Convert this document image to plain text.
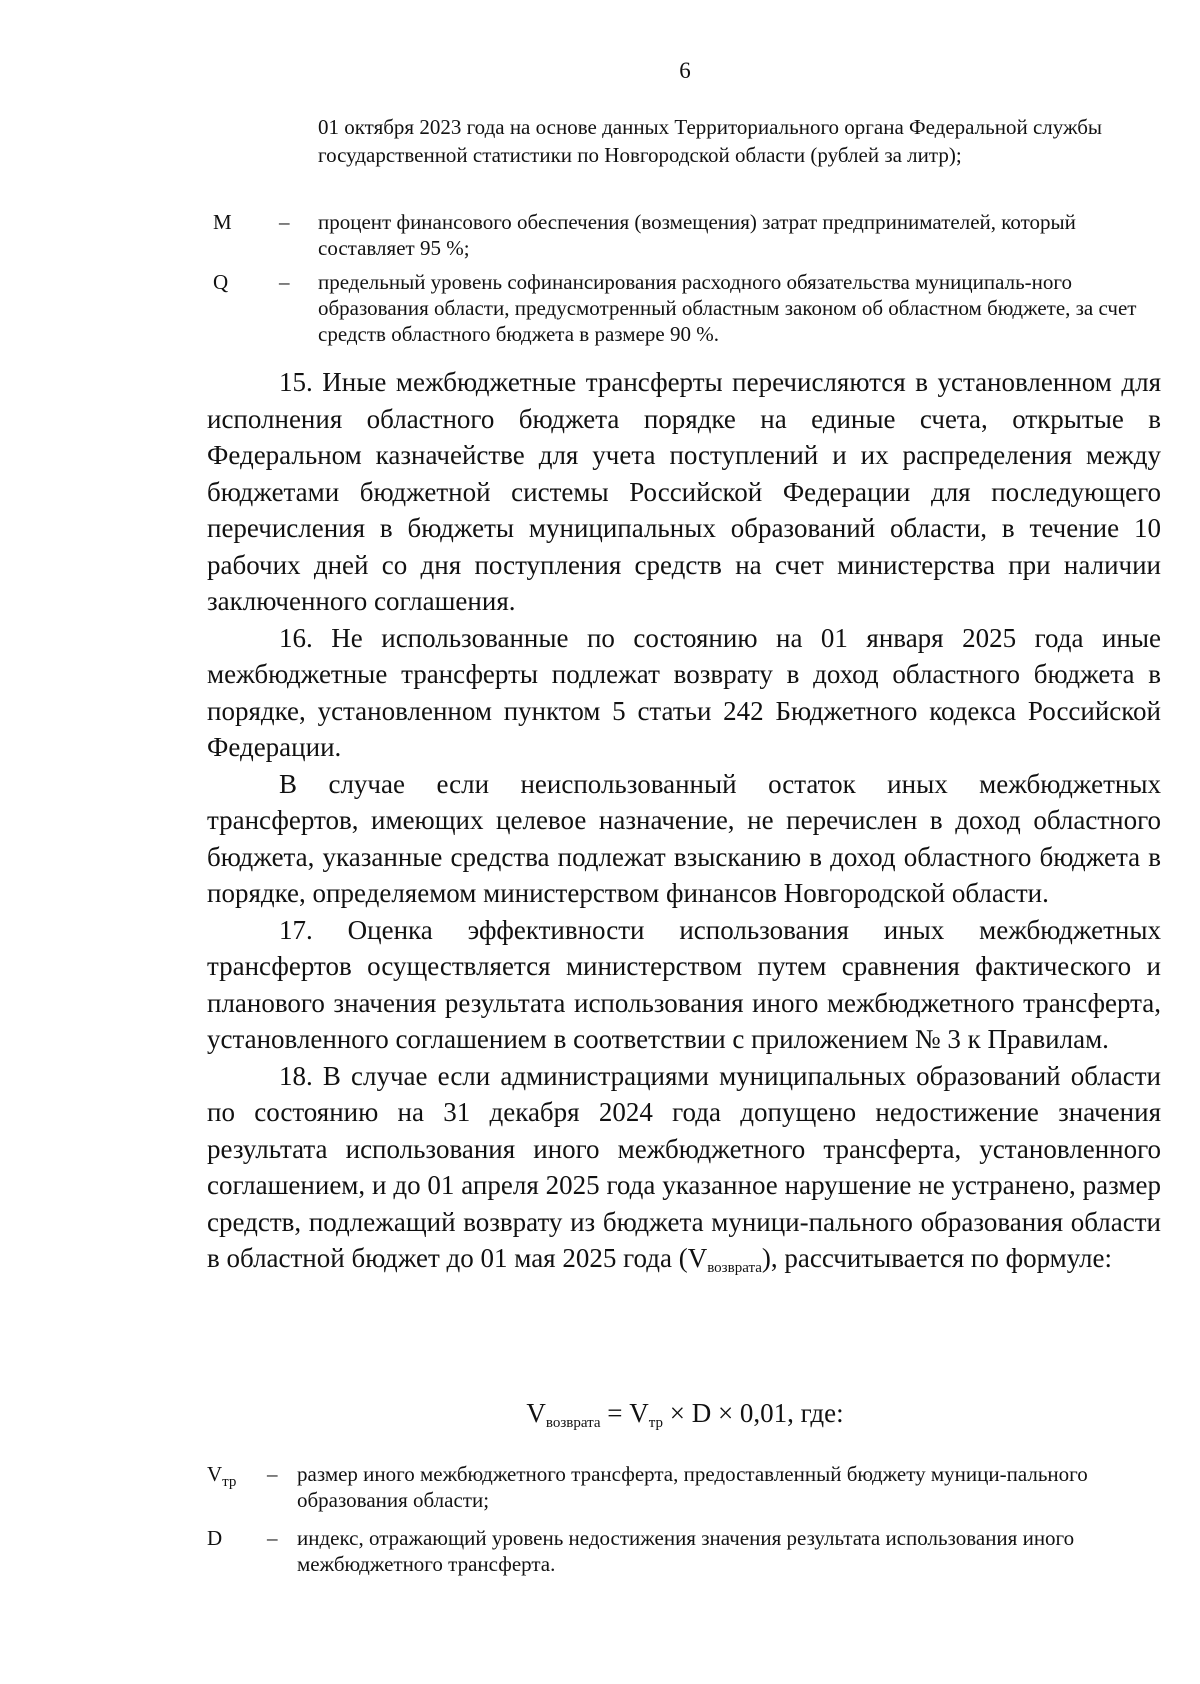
6
01 октября 2023 года на основе данных Территориального органа Федеральной службы государственной статистики по Новгородской области (рублей за литр);
M – процент финансового обеспечения (возмещения) затрат предпринимателей, который составляет 95 %;
Q – предельный уровень софинансирования расходного обязательства муниципаль-ного образования области, предусмотренный областным законом об областном бюджете, за счет средств областного бюджета в размере 90 %.

15. Иные межбюджетные трансферты перечисляются в установленном для исполнения областного бюджета порядке на единые счета, открытые в Федеральном казначействе для учета поступлений и их распределения между бюджетами бюджетной системы Российской Федерации для последующего перечисления в бюджеты муниципальных образований области, в течение 10 рабочих дней со дня поступления средств на счет министерства при наличии заключенного соглашения.

16. Не использованные по состоянию на 01 января 2025 года иные межбюджетные трансферты подлежат возврату в доход областного бюджета в порядке, установленном пунктом 5 статьи 242 Бюджетного кодекса Российской Федерации.

В случае если неиспользованный остаток иных межбюджетных трансфертов, имеющих целевое назначение, не перечислен в доход областного бюджета, указанные средства подлежат взысканию в доход областного бюджета в порядке, определяемом министерством финансов Новгородской области.

17. Оценка эффективности использования иных межбюджетных трансфертов осуществляется министерством путем сравнения фактического и планового значения результата использования иного межбюджетного трансферта, установленного соглашением в соответствии с приложением № 3 к Правилам.

18. В случае если администрациями муниципальных образований области по состоянию на 31 декабря 2024 года допущено недостижение значения результата использования иного межбюджетного трансферта, установленного соглашением, и до 01 апреля 2025 года указанное нарушение не устранено, размер средств, подлежащий возврату из бюджета муници-пального образования области в областной бюджет до 01 мая 2025 года $(V_{возврата})$, рассчитывается по формуле:

$V_{возврата} = V_{тр} \times D \times 0,01$, где:
$V_{тр}$ – размер иного межбюджетного трансферта, предоставленный бюджету муници-пального образования области;
D – индекс, отражающий уровень недостижения значения результата использования иного межбюджетного трансферта.
